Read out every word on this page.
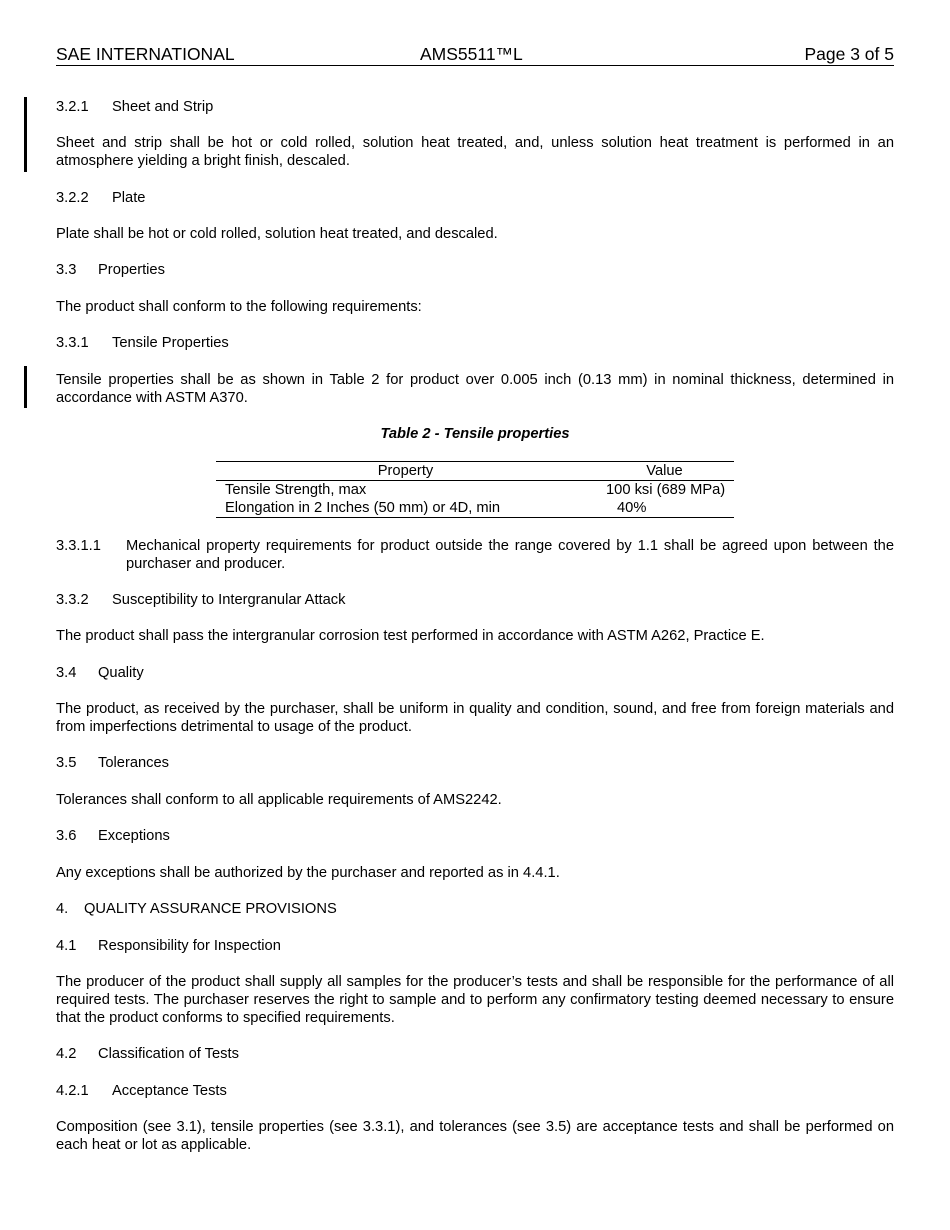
SAE INTERNATIONAL	AMS5511™L	Page 3 of 5

3.2.1 Sheet and Strip

Sheet and strip shall be hot or cold rolled, solution heat treated, and, unless solution heat treatment is performed in an atmosphere yielding a bright finish, descaled.

3.2.2 Plate

Plate shall be hot or cold rolled, solution heat treated, and descaled.

3.3 Properties

The product shall conform to the following requirements:

3.3.1 Tensile Properties

Tensile properties shall be as shown in Table 2 for product over 0.005 inch (0.13 mm) in nominal thickness, determined in accordance with ASTM A370.

Table 2 - Tensile properties

Property	Value
Tensile Strength, max	100 ksi (689 MPa)
Elongation in 2 Inches (50 mm) or 4D, min	40%

3.3.1.1 Mechanical property requirements for product outside the range covered by 1.1 shall be agreed upon between the purchaser and producer.

3.3.2 Susceptibility to Intergranular Attack

The product shall pass the intergranular corrosion test performed in accordance with ASTM A262, Practice E.

3.4 Quality

The product, as received by the purchaser, shall be uniform in quality and condition, sound, and free from foreign materials and from imperfections detrimental to usage of the product.

3.5 Tolerances

Tolerances shall conform to all applicable requirements of AMS2242.

3.6 Exceptions

Any exceptions shall be authorized by the purchaser and reported as in 4.4.1.

4. QUALITY ASSURANCE PROVISIONS

4.1 Responsibility for Inspection

The producer of the product shall supply all samples for the producer’s tests and shall be responsible for the performance of all required tests. The purchaser reserves the right to sample and to perform any confirmatory testing deemed necessary to ensure that the product conforms to specified requirements.

4.2 Classification of Tests

4.2.1 Acceptance Tests

Composition (see 3.1), tensile properties (see 3.3.1), and tolerances (see 3.5) are acceptance tests and shall be performed on each heat or lot as applicable.
